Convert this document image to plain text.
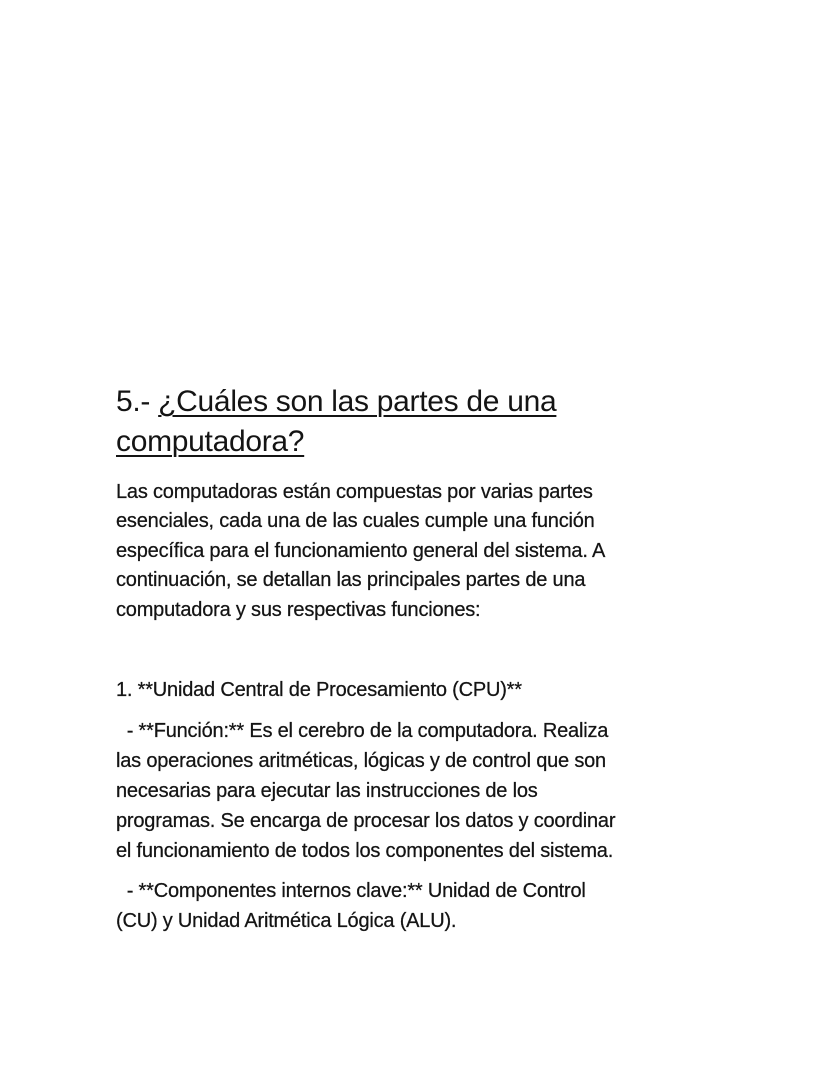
5.- ¿Cuáles son las partes de una
computadora?
Las computadoras están compuestas por varias partes
esenciales, cada una de las cuales cumple una función
específica para el funcionamiento general del sistema. A
continuación, se detallan las principales partes de una
computadora y sus respectivas funciones:
1. **Unidad Central de Procesamiento (CPU)**
- **Función:** Es el cerebro de la computadora. Realiza
las operaciones aritméticas, lógicas y de control que son
necesarias para ejecutar las instrucciones de los
programas. Se encarga de procesar los datos y coordinar
el funcionamiento de todos los componentes del sistema.
- **Componentes internos clave:** Unidad de Control
(CU) y Unidad Aritmética Lógica (ALU).
